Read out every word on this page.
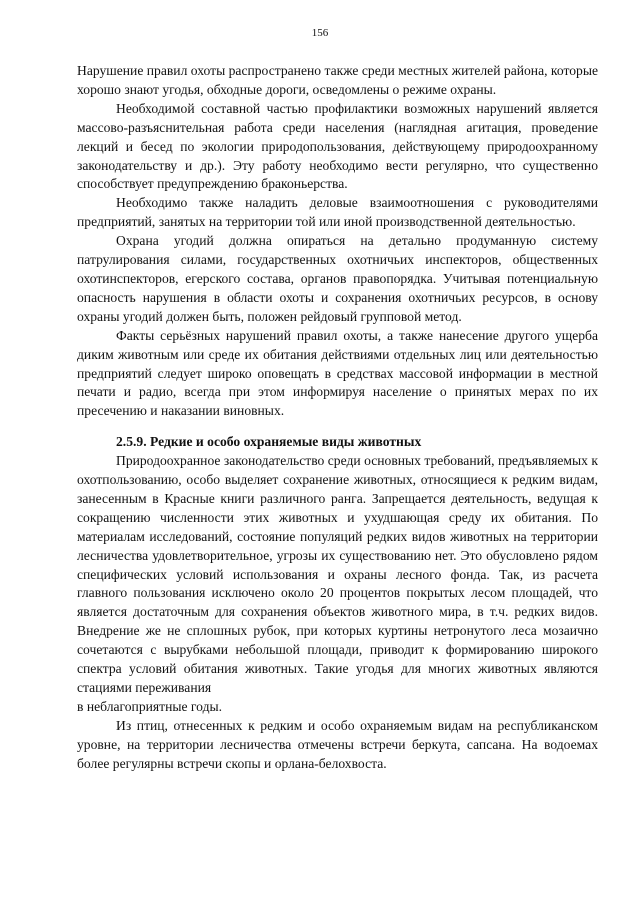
156

Нарушение правил охоты распространено также среди местных жителей района, которые хорошо знают угодья, обходные дороги, осведомлены о режиме охраны.

Необходимой составной частью профилактики возможных нарушений является массово-разъяснительная работа среди населения (наглядная агитация, проведение лекций и бесед по экологии природопользования, действующему природоохранному законодательству и др.). Эту работу необходимо вести регулярно, что существенно способствует предупреждению браконьерства.

Необходимо также наладить деловые взаимоотношения с руководителями предприятий, занятых на территории той или иной производственной деятельностью.

Охрана угодий должна опираться на детально продуманную систему патрулирования силами, государственных охотничьих инспекторов, общественных охотинспекторов, егерского состава, органов правопорядка. Учитывая потенциальную опасность нарушения в области охоты и сохранения охотничьих ресурсов, в основу охраны угодий должен быть, положен рейдовый групповой метод.

Факты серьёзных нарушений правил охоты, а также нанесение другого ущерба диким животным или среде их обитания действиями отдельных лиц или деятельностью предприятий следует широко оповещать в средствах массовой информации в местной печати и радио, всегда при этом информируя население о принятых мерах по их пресечению и наказании виновных.

2.5.9. Редкие и особо охраняемые виды животных

Природоохранное законодательство среди основных требований, предъявляемых к охотпользованию, особо выделяет сохранение животных, относящиеся к редким видам, занесенным в Красные книги различного ранга. Запрещается деятельность, ведущая к сокращению численности этих животных и ухудшающая среду их обитания. По материалам исследований, состояние популяций редких видов животных на территории лесничества удовлетворительное, угрозы их существованию нет. Это обусловлено рядом специфических условий использования и охраны лесного фонда. Так, из расчета главного пользования исключено около 20 процентов покрытых лесом площадей, что является достаточным для сохранения объектов животного мира, в т.ч. редких видов. Внедрение же не сплошных рубок, при которых куртины нетронутого леса мозаично сочетаются с вырубками небольшой площади, приводит к формированию широкого спектра условий обитания животных. Такие угодья для многих животных являются стациями переживания

в неблагоприятные годы.

Из птиц, отнесенных к редким и особо охраняемым видам на республиканском уровне, на территории лесничества отмечены встречи беркута, сапсана. На водоемах более регулярны встречи скопы и орлана-белохвоста.
